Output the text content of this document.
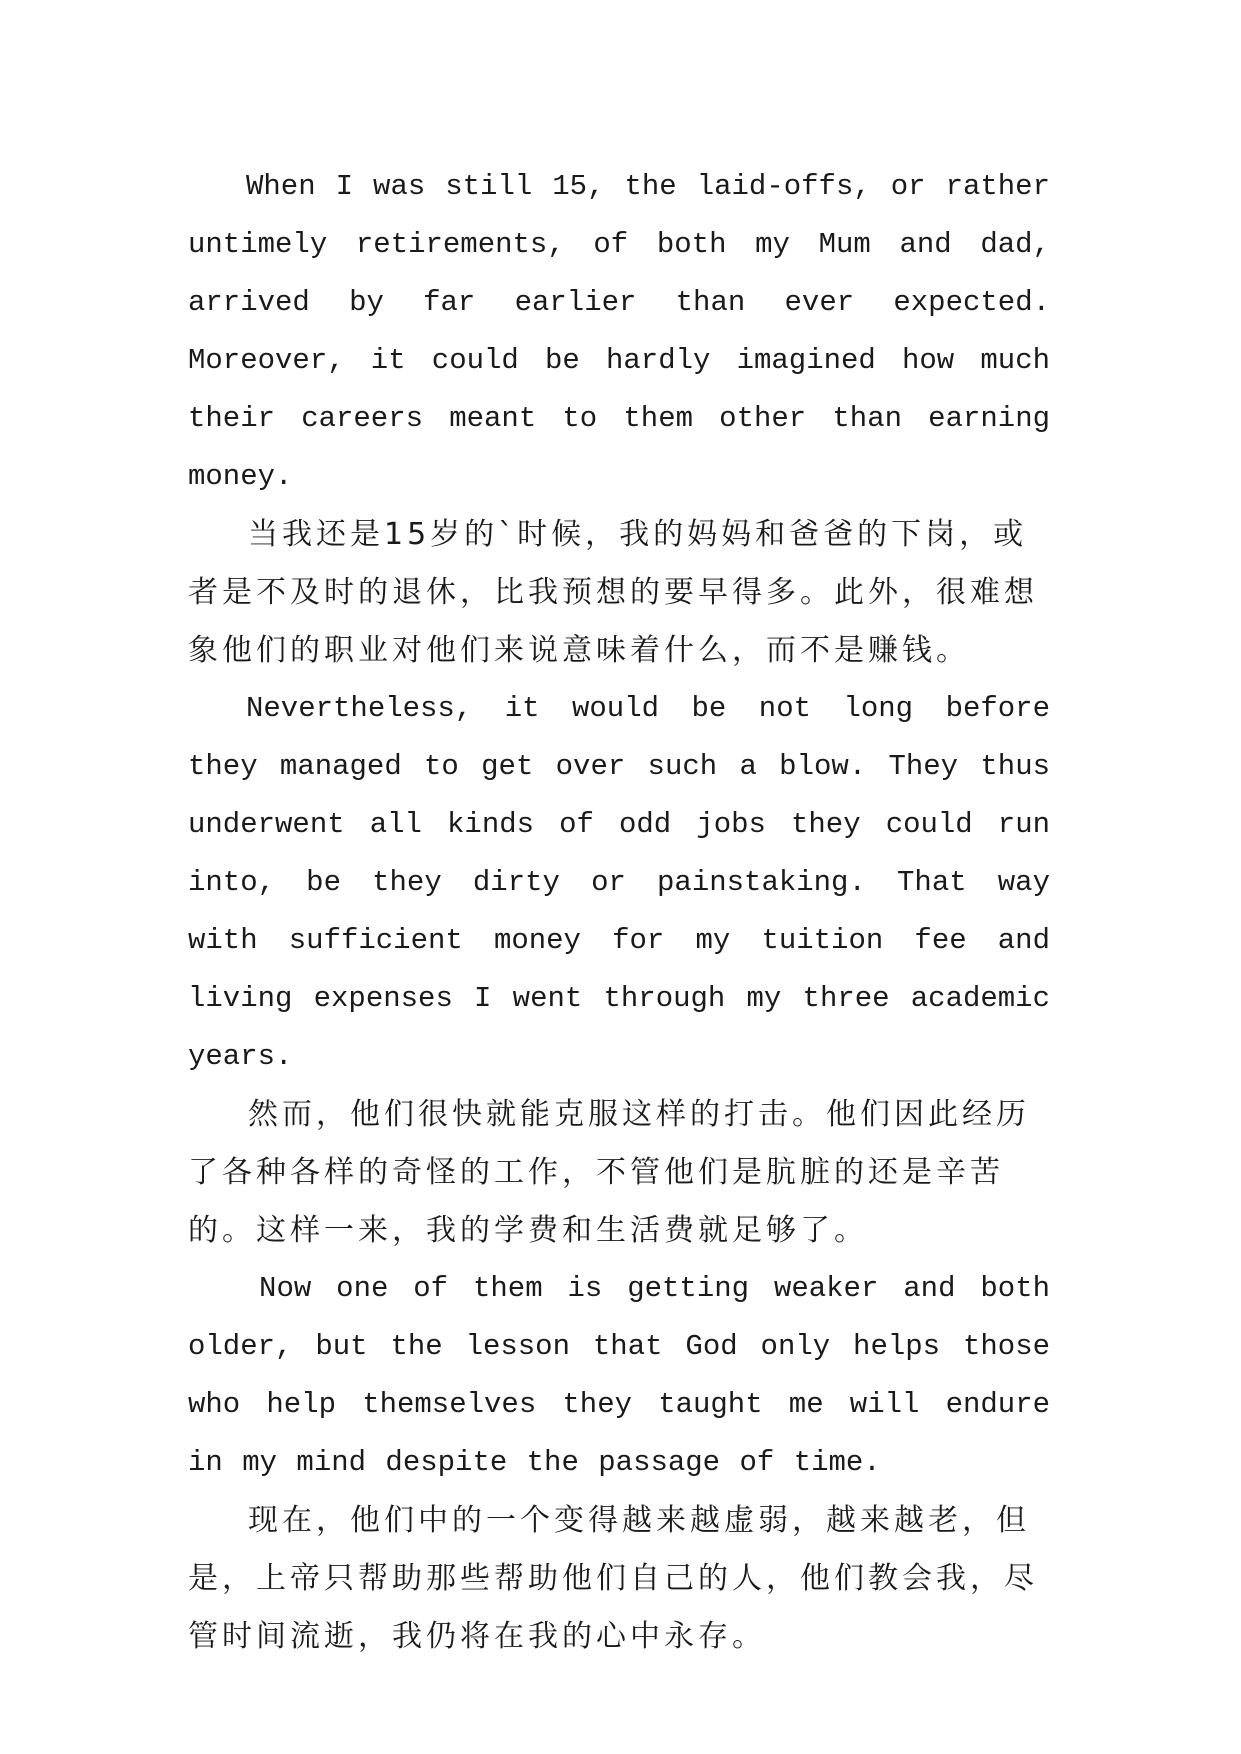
When I was still 15, the laid-offs, or rather untimely retirements, of both my Mum and dad, arrived by far earlier than ever expected. Moreover, it could be hardly imagined how much their careers meant to them other than earning money.

当我还是15岁的`时候，我的妈妈和爸爸的下岗，或者是不及时的退休，比我预想的要早得多。此外，很难想象他们的职业对他们来说意味着什么，而不是赚钱。

Nevertheless, it would be not long before they managed to get over such a blow. They thus underwent all kinds of odd jobs they could run into, be they dirty or painstaking. That way with sufficient money for my tuition fee and living expenses I went through my three academic years.

然而，他们很快就能克服这样的打击。他们因此经历了各种各样的奇怪的工作，不管他们是肮脏的还是辛苦的。这样一来，我的学费和生活费就足够了。

Now one of them is getting weaker and both older, but the lesson that God only helps those who help themselves they taught me will endure in my mind despite the passage of time.

现在，他们中的一个变得越来越虚弱，越来越老，但是，上帝只帮助那些帮助他们自己的人，他们教会我，尽管时间流逝，我仍将在我的心中永存。
